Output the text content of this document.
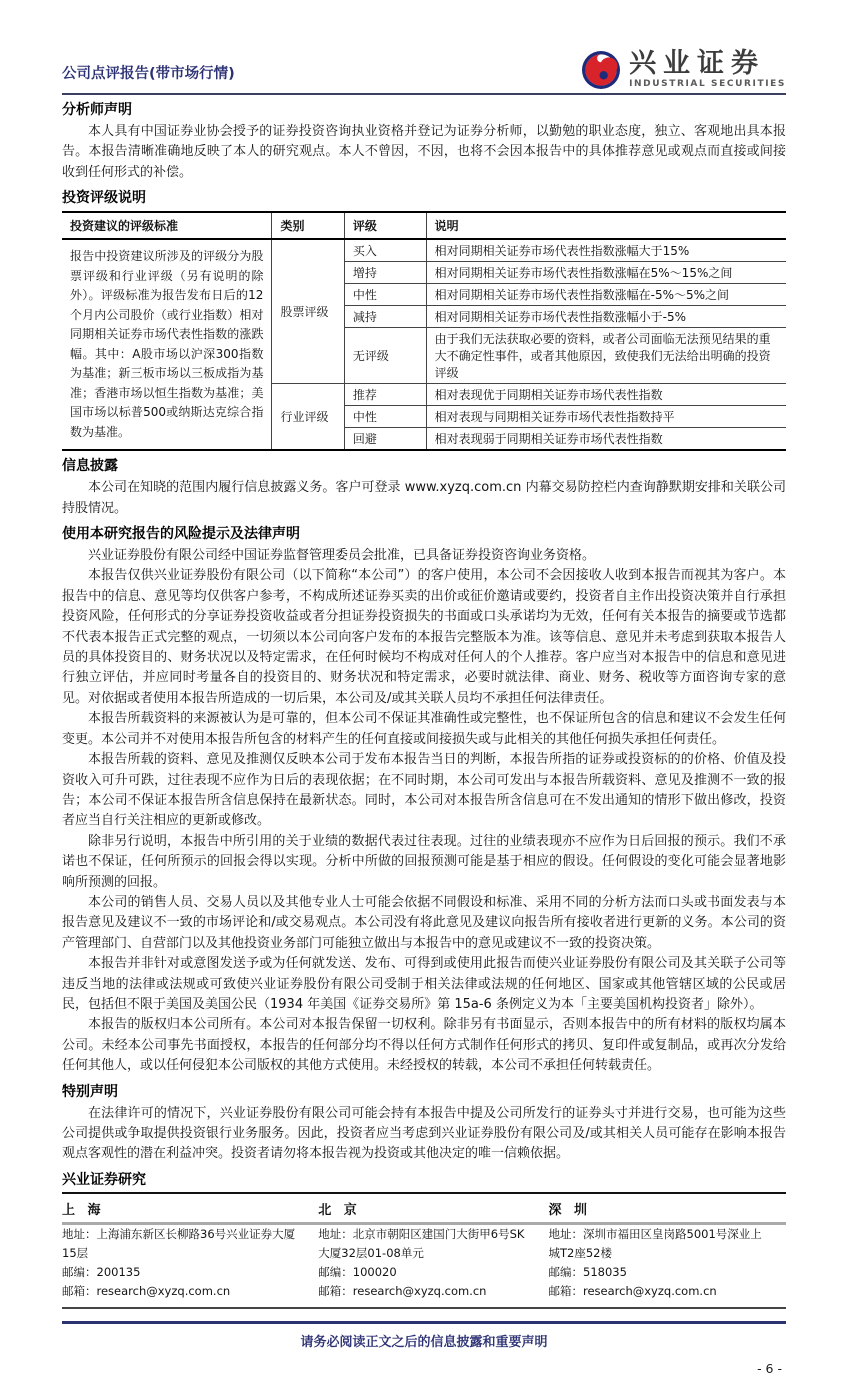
公司点评报告(带市场行情)	兴业证券
INDUSTRIAL SECURITIES
分析师声明

本人具有中国证券业协会授予的证券投资咨询执业资格并登记为证券分析师，以勤勉的职业态度，独立、客观地出具本报告。本报告清晰准确地反映了本人的研究观点。本人不曾因，不因，也将不会因本报告中的具体推荐意见或观点而直接或间接收到任何形式的补偿。

投资评级说明
投资建议的评级标准	类别	评级	说明
报告中投资建议所涉及的评级分为股票评级和行业评级（另有说明的除外）。评级标准为报告发布日后的12个月内公司股价（或行业指数）相对同期相关证券市场代表性指数的涨跌幅。其中：A股市场以沪深300指数为基准；新三板市场以三板成指为基准；香港市场以恒生指数为基准；美国市场以标普500或纳斯达克综合指数为基准。	股票评级	买入	相对同期相关证券市场代表性指数涨幅大于15%
		增持	相对同期相关证券市场代表性指数涨幅在5%～15%之间
		中性	相对同期相关证券市场代表性指数涨幅在-5%～5%之间
		减持	相对同期相关证券市场代表性指数涨幅小于-5%
		无评级	由于我们无法获取必要的资料，或者公司面临无法预见结果的重大不确定性事件，或者其他原因，致使我们无法给出明确的投资评级
	行业评级	推荐	相对表现优于同期相关证券市场代表性指数
		中性	相对表现与同期相关证券市场代表性指数持平
		回避	相对表现弱于同期相关证券市场代表性指数
信息披露

本公司在知晓的范围内履行信息披露义务。客户可登录 www.xyzq.com.cn 内幕交易防控栏内查询静默期安排和关联公司持股情况。

使用本研究报告的风险提示及法律声明

兴业证券股份有限公司经中国证券监督管理委员会批准，已具备证券投资咨询业务资格。

本报告仅供兴业证券股份有限公司（以下简称“本公司”）的客户使用，本公司不会因接收人收到本报告而视其为客户。本报告中的信息、意见等均仅供客户参考，不构成所述证券买卖的出价或征价邀请或要约，投资者自主作出投资决策并自行承担投资风险，任何形式的分享证券投资收益或者分担证券投资损失的书面或口头承诺均为无效，任何有关本报告的摘要或节选都不代表本报告正式完整的观点，一切须以本公司向客户发布的本报告完整版本为准。该等信息、意见并未考虑到获取本报告人员的具体投资目的、财务状况以及特定需求，在任何时候均不构成对任何人的个人推荐。客户应当对本报告中的信息和意见进行独立评估，并应同时考量各自的投资目的、财务状况和特定需求，必要时就法律、商业、财务、税收等方面咨询专家的意见。对依据或者使用本报告所造成的一切后果，本公司及/或其关联人员均不承担任何法律责任。

本报告所载资料的来源被认为是可靠的，但本公司不保证其准确性或完整性，也不保证所包含的信息和建议不会发生任何变更。本公司并不对使用本报告所包含的材料产生的任何直接或间接损失或与此相关的其他任何损失承担任何责任。

本报告所载的资料、意见及推测仅反映本公司于发布本报告当日的判断，本报告所指的证券或投资标的的价格、价值及投资收入可升可跌，过往表现不应作为日后的表现依据；在不同时期，本公司可发出与本报告所载资料、意见及推测不一致的报告；本公司不保证本报告所含信息保持在最新状态。同时，本公司对本报告所含信息可在不发出通知的情形下做出修改，投资者应当自行关注相应的更新或修改。

除非另行说明，本报告中所引用的关于业绩的数据代表过往表现。过往的业绩表现亦不应作为日后回报的预示。我们不承诺也不保证，任何所预示的回报会得以实现。分析中所做的回报预测可能是基于相应的假设。任何假设的变化可能会显著地影响所预测的回报。

本公司的销售人员、交易人员以及其他专业人士可能会依据不同假设和标准、采用不同的分析方法而口头或书面发表与本报告意见及建议不一致的市场评论和/或交易观点。本公司没有将此意见及建议向报告所有接收者进行更新的义务。本公司的资产管理部门、自营部门以及其他投资业务部门可能独立做出与本报告中的意见或建议不一致的投资决策。

本报告并非针对或意图发送予或为任何就发送、发布、可得到或使用此报告而使兴业证券股份有限公司及其关联子公司等违反当地的法律或法规或可致使兴业证券股份有限公司受制于相关法律或法规的任何地区、国家或其他管辖区域的公民或居民，包括但不限于美国及美国公民（1934 年美国《证券交易所》第 15a-6 条例定义为本「主要美国机构投资者」除外）。

本报告的版权归本公司所有。本公司对本报告保留一切权利。除非另有书面显示，否则本报告中的所有材料的版权均属本公司。未经本公司事先书面授权，本报告的任何部分均不得以任何方式制作任何形式的拷贝、复印件或复制品，或再次分发给任何其他人，或以任何侵犯本公司版权的其他方式使用。未经授权的转载，本公司不承担任何转载责任。

特别声明

在法律许可的情况下，兴业证券股份有限公司可能会持有本报告中提及公司所发行的证券头寸并进行交易，也可能为这些公司提供或争取提供投资银行业务服务。因此，投资者应当考虑到兴业证券股份有限公司及/或其相关人员可能存在影响本报告观点客观性的潜在利益冲突。投资者请勿将本报告视为投资或其他决定的唯一信赖依据。

兴业证券研究
上 海
地址：上海浦东新区长柳路36号兴业证券大厦15层
邮编：200135
邮箱：research@xyzq.com.cn
北 京
地址：北京市朝阳区建国门大街甲6号SK大厦32层01-08单元
邮编：100020
邮箱：research@xyzq.com.cn
深 圳
地址：深圳市福田区皇岗路5001号深业上城T2座52楼
邮编：518035
邮箱：research@xyzq.com.cn
请务必阅读正文之后的信息披露和重要声明
- 6 -
